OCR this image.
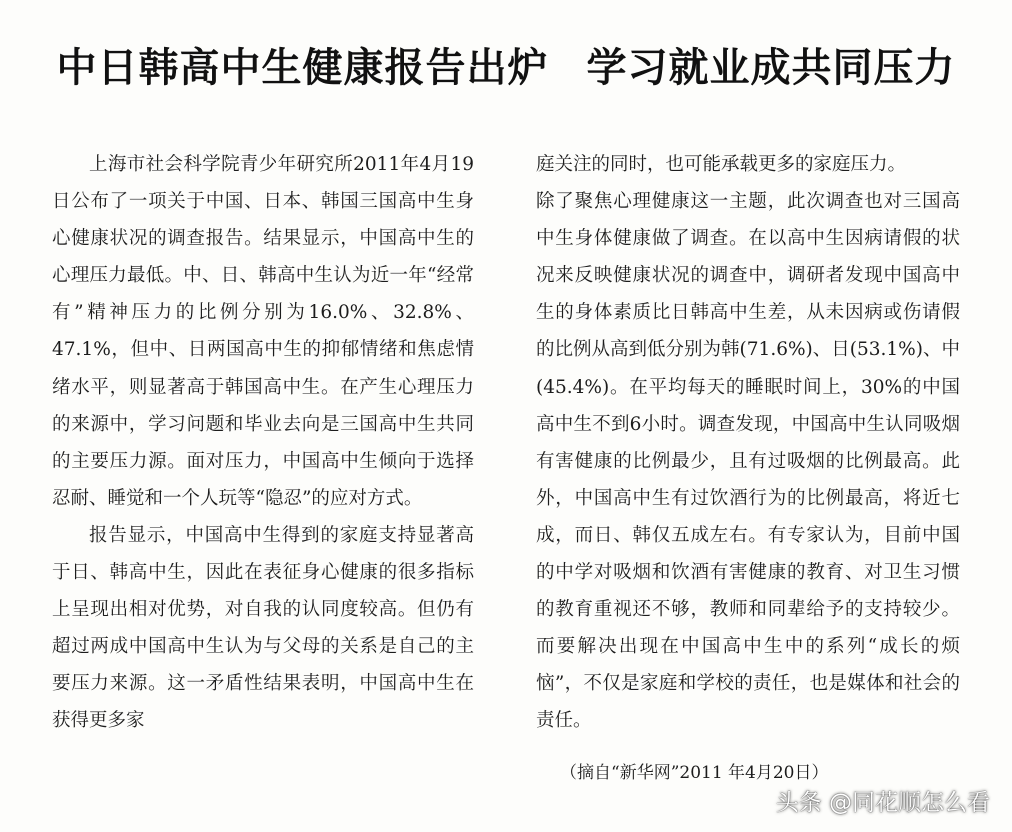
中日韩高中生健康报告出炉 学习就业成共同压力

上海市社会科学院青少年研究所2011年4月19日公布了一项关于中国、日本、韩国三国高中生身心健康状况的调查报告。结果显示，中国高中生的心理压力最低。中、日、韩高中生认为近一年“经常有”精神压力的比例分别为16.0%、32.8%、47.1%，但中、日两国高中生的抑郁情绪和焦虑情绪水平，则显著高于韩国高中生。在产生心理压力的来源中，学习问题和毕业去向是三国高中生共同的主要压力源。面对压力，中国高中生倾向于选择忍耐、睡觉和一个人玩等“隐忍”的应对方式。

报告显示，中国高中生得到的家庭支持显著高于日、韩高中生，因此在表征身心健康的很多指标上呈现出相对优势，对自我的认同度较高。但仍有超过两成中国高中生认为与父母的关系是自己的主要压力来源。这一矛盾性结果表明，中国高中生在获得更多家

庭关注的同时，也可能承载更多的家庭压力。

除了聚焦心理健康这一主题，此次调查也对三国高中生身体健康做了调查。在以高中生因病请假的状况来反映健康状况的调查中，调研者发现中国高中生的身体素质比日韩高中生差，从未因病或伤请假的比例从高到低分别为韩(71.6%)、日(53.1%)、中(45.4%)。在平均每天的睡眠时间上，30%的中国高中生不到6小时。调查发现，中国高中生认同吸烟有害健康的比例最少，且有过吸烟的比例最高。此外，中国高中生有过饮酒行为的比例最高，将近七成，而日、韩仅五成左右。有专家认为，目前中国的中学对吸烟和饮酒有害健康的教育、对卫生习惯的教育重视还不够，教师和同辈给予的支持较少。而要解决出现在中国高中生中的系列“成长的烦恼”，不仅是家庭和学校的责任，也是媒体和社会的责任。

（摘自“新华网”2011 年4月20日）
头条 @同花顺怎么看
